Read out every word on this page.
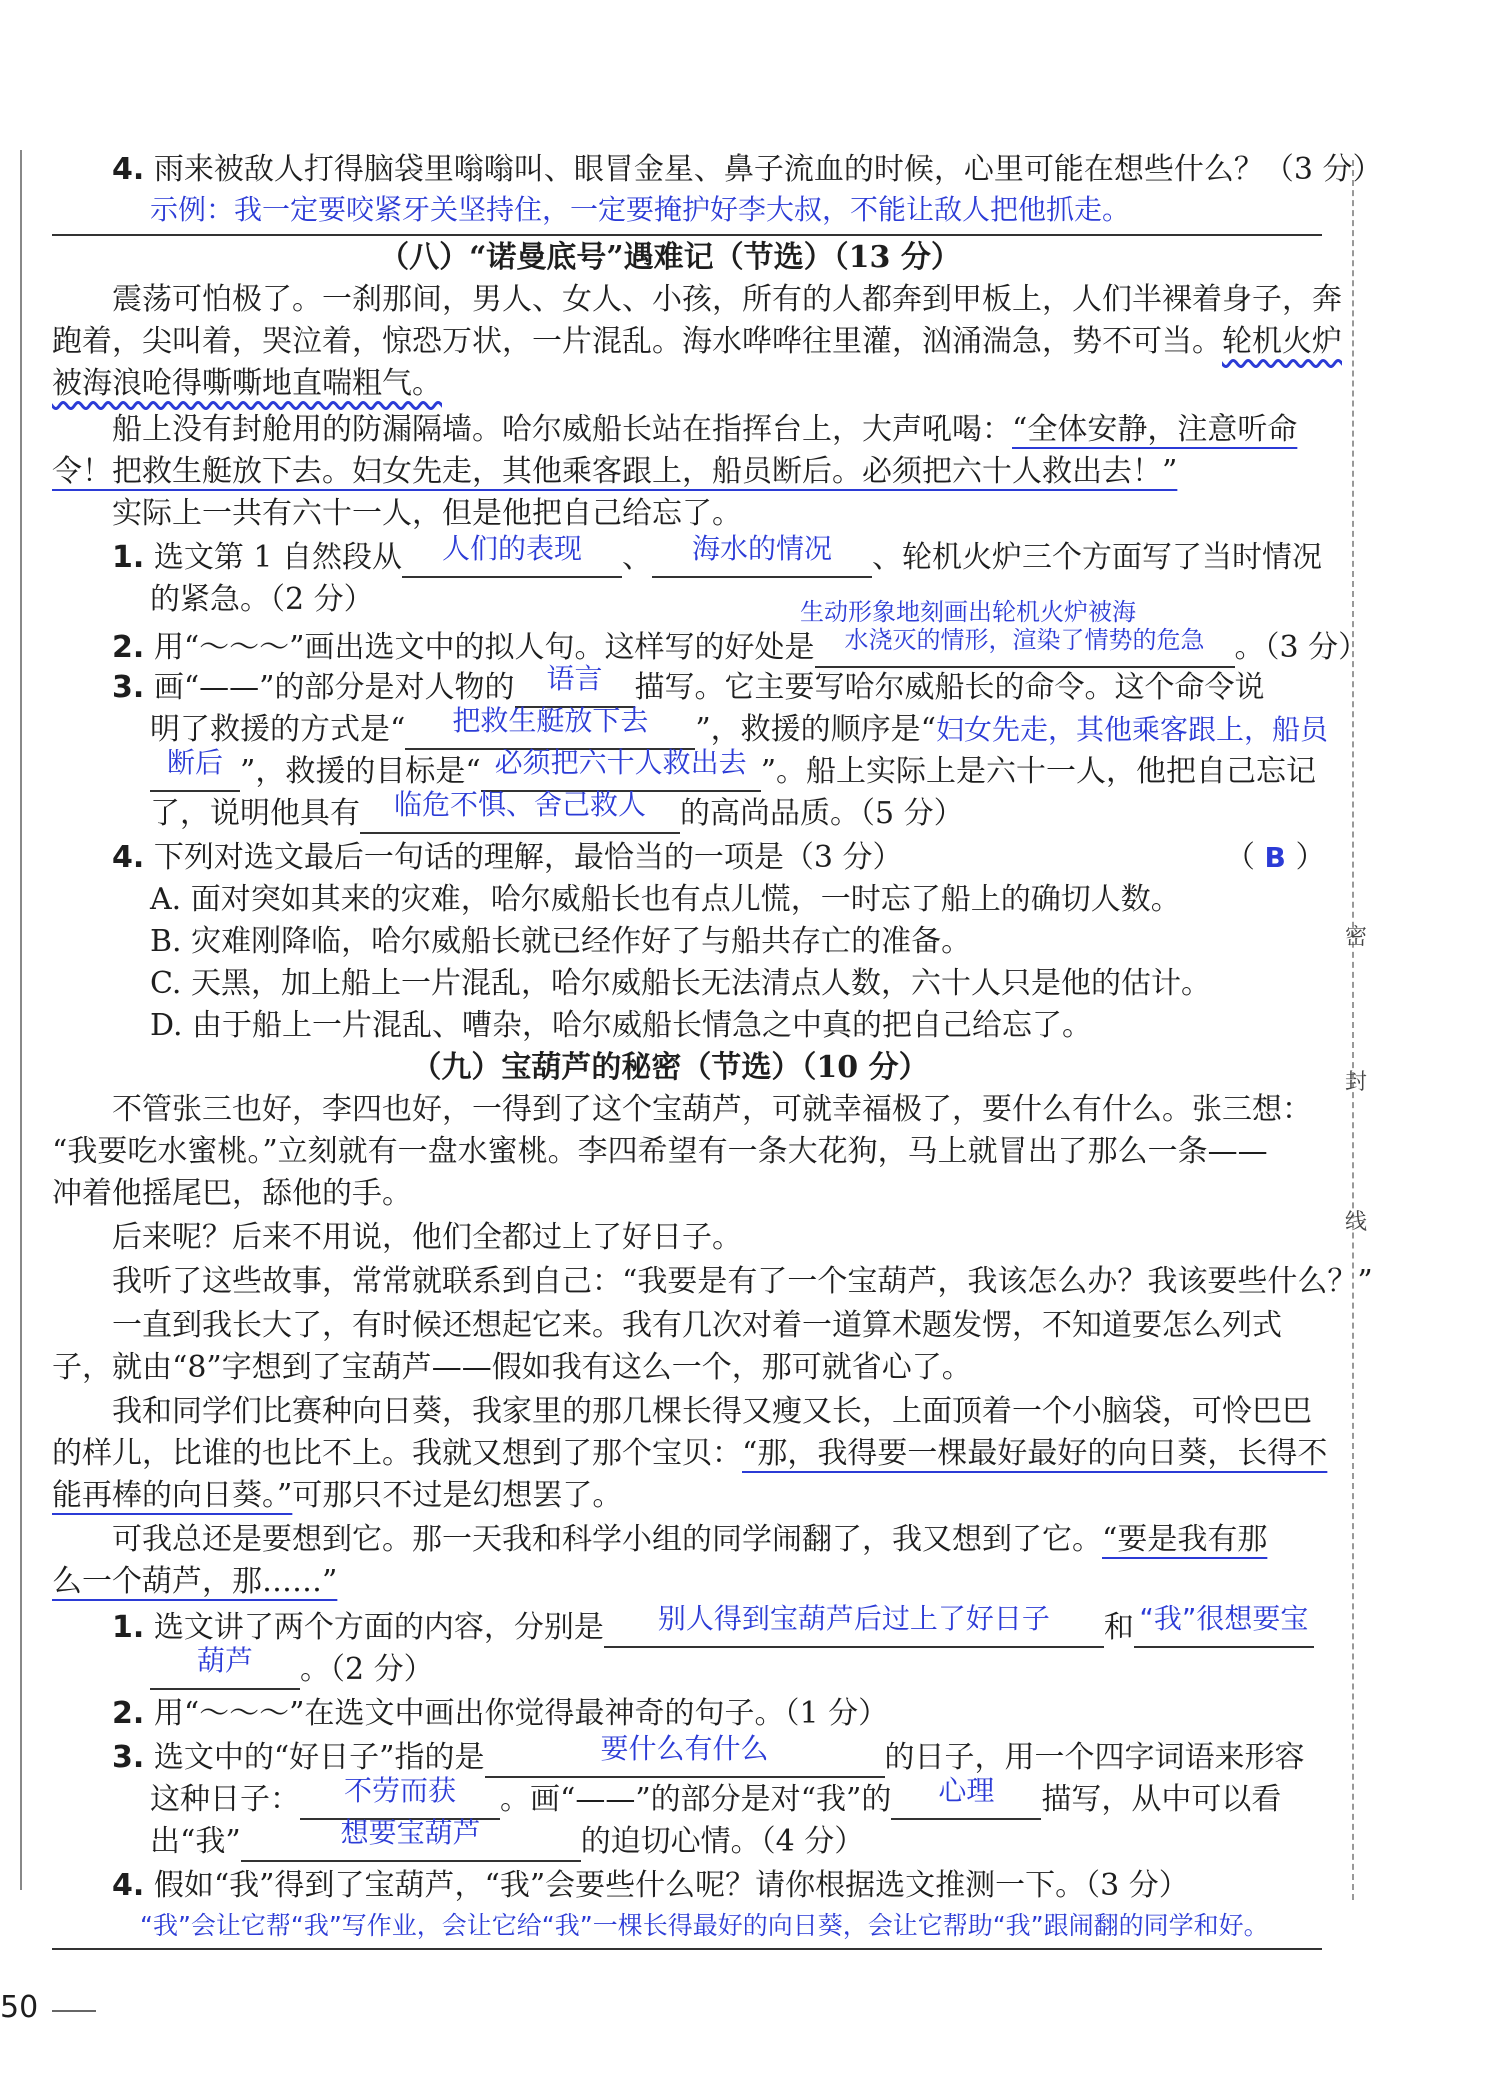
密
封
线
4. 雨来被敌人打得脑袋里嗡嗡叫、眼冒金星、鼻子流血的时候，心里可能在想些什么？（3 分）
示例：我一定要咬紧牙关坚持住，一定要掩护好李大叔，不能让敌人把他抓走。
（八）“诺曼底号”遇难记（节选）（13 分）
震荡可怕极了。一刹那间，男人、女人、小孩，所有的人都奔到甲板上，人们半裸着身子，奔
跑着，尖叫着，哭泣着，惊恐万状，一片混乱。海水哗哗往里灌，汹涌湍急，势不可当。轮机火炉
被海浪呛得嘶嘶地直喘粗气。
船上没有封舱用的防漏隔墙。哈尔威船长站在指挥台上，大声吼喝：“全体安静，注意听命
令！把救生艇放下去。妇女先走，其他乘客跟上，船员断后。必须把六十人救出去！”
实际上一共有六十一人，但是他把自己给忘了。
1. 选文第 1 自然段从 人们的表现 、 海水的情况 、轮机火炉三个方面写了当时情况
的紧急。（2 分）	生动形象地刻画出轮机火炉被海
2. 用“～～～”画出选文中的拟人句。这样写的好处是 $^{水浇灭的情形,渲染了情势的危急}$ 。（3 分）
3. 画“——”的部分是对人物的 语言 描写。它主要写哈尔威船长的命令。这个命令说
明了救援的方式是“ 把救生艇放下去 ”，救援的顺序是“妇女先走，其他乘客跟上，船员
断后 ”，救援的目标是“ 必须把六十人救出去 ”。船上实际上是六十一人，他把自己忘记
了，说明他具有 临危不惧、舍己救人 的高尚品质。（5 分）
4. 下列对选文最后一句话的理解，最恰当的一项是（3 分）	（ B ）
A. 面对突如其来的灾难，哈尔威船长也有点儿慌，一时忘了船上的确切人数。
B. 灾难刚降临，哈尔威船长就已经作好了与船共存亡的准备。
C. 天黑，加上船上一片混乱，哈尔威船长无法清点人数，六十人只是他的估计。
D. 由于船上一片混乱、嘈杂，哈尔威船长情急之中真的把自己给忘了。
（九）宝葫芦的秘密（节选）（10 分）
不管张三也好，李四也好，一得到了这个宝葫芦，可就幸福极了，要什么有什么。张三想：
“我要吃水蜜桃。”立刻就有一盘水蜜桃。李四希望有一条大花狗，马上就冒出了那么一条——
冲着他摇尾巴，舔他的手。
后来呢？后来不用说，他们全都过上了好日子。
我听了这些故事，常常就联系到自己：“我要是有了一个宝葫芦，我该怎么办？我该要些什么？”
一直到我长大了，有时候还想起它来。我有几次对着一道算术题发愣，不知道要怎么列式
子，就由“8”字想到了宝葫芦——假如我有这么一个，那可就省心了。
我和同学们比赛种向日葵，我家里的那几棵长得又瘦又长，上面顶着一个小脑袋，可怜巴巴
的样儿，比谁的也比不上。我就又想到了那个宝贝：“那，我得要一棵最好最好的向日葵，长得不
能再棒的向日葵。”可那只不过是幻想罢了。
可我总还是要想到它。那一天我和科学小组的同学闹翻了，我又想到了它。“要是我有那
么一个葫芦，那……”
1. 选文讲了两个方面的内容，分别是 别人得到宝葫芦后过上了好日子 和 “我”很想要宝
葫芦 。（2 分）
2. 用“～～～”在选文中画出你觉得最神奇的句子。（1 分）
3. 选文中的“好日子”指的是	要什么有什么	的日子，用一个四字词语来形容
这种日子： 不劳而获 。画“——”的部分是对“我”的 心理 描写，从中可以看
出“我”	想要宝葫芦	的迫切心情。（4 分）
4. 假如“我”得到了宝葫芦，“我”会要些什么呢？请你根据选文推测一下。（3 分）
“我”会让它帮“我”写作业，会让它给“我”一棵长得最好的向日葵，会让它帮助“我”跟闹翻的同学和好。
50
